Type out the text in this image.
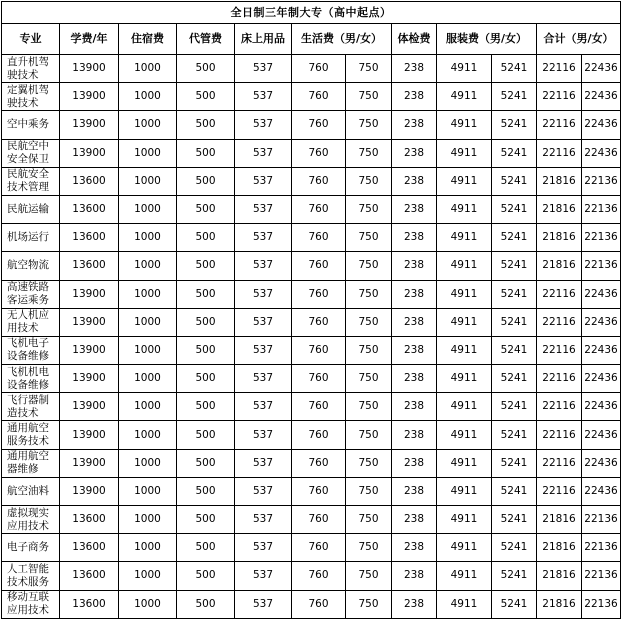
全日制三年制大专（高中起点）											
专业	学费/年	住宿费	代管费	床上用品	生活费（男/女）		体检费	服装费（男/女）		合计（男/女）	
直升机驾驶技术	13900	1000	500	537	760	750	238	4911	5241	22116	22436
定翼机驾驶技术	13900	1000	500	537	760	750	238	4911	5241	22116	22436
空中乘务	13900	1000	500	537	760	750	238	4911	5241	22116	22436
民航空中安全保卫	13900	1000	500	537	760	750	238	4911	5241	22116	22436
民航安全技术管理	13600	1000	500	537	760	750	238	4911	5241	21816	22136
民航运输	13600	1000	500	537	760	750	238	4911	5241	21816	22136
机场运行	13600	1000	500	537	760	750	238	4911	5241	21816	22136
航空物流	13600	1000	500	537	760	750	238	4911	5241	21816	22136
高速铁路客运乘务	13900	1000	500	537	760	750	238	4911	5241	22116	22436
无人机应用技术	13900	1000	500	537	760	750	238	4911	5241	22116	22436
飞机电子设备维修	13900	1000	500	537	760	750	238	4911	5241	22116	22436
飞机机电设备维修	13900	1000	500	537	760	750	238	4911	5241	22116	22436
飞行器制造技术	13900	1000	500	537	760	750	238	4911	5241	22116	22436
通用航空服务技术	13900	1000	500	537	760	750	238	4911	5241	22116	22436
通用航空器维修	13900	1000	500	537	760	750	238	4911	5241	22116	22436
航空油料	13900	1000	500	537	760	750	238	4911	5241	22116	22436
虚拟现实应用技术	13600	1000	500	537	760	750	238	4911	5241	21816	22136
电子商务	13600	1000	500	537	760	750	238	4911	5241	21816	22136
人工智能技术服务	13600	1000	500	537	760	750	238	4911	5241	21816	22136
移动互联应用技术	13600	1000	500	537	760	750	238	4911	5241	21816	22136
